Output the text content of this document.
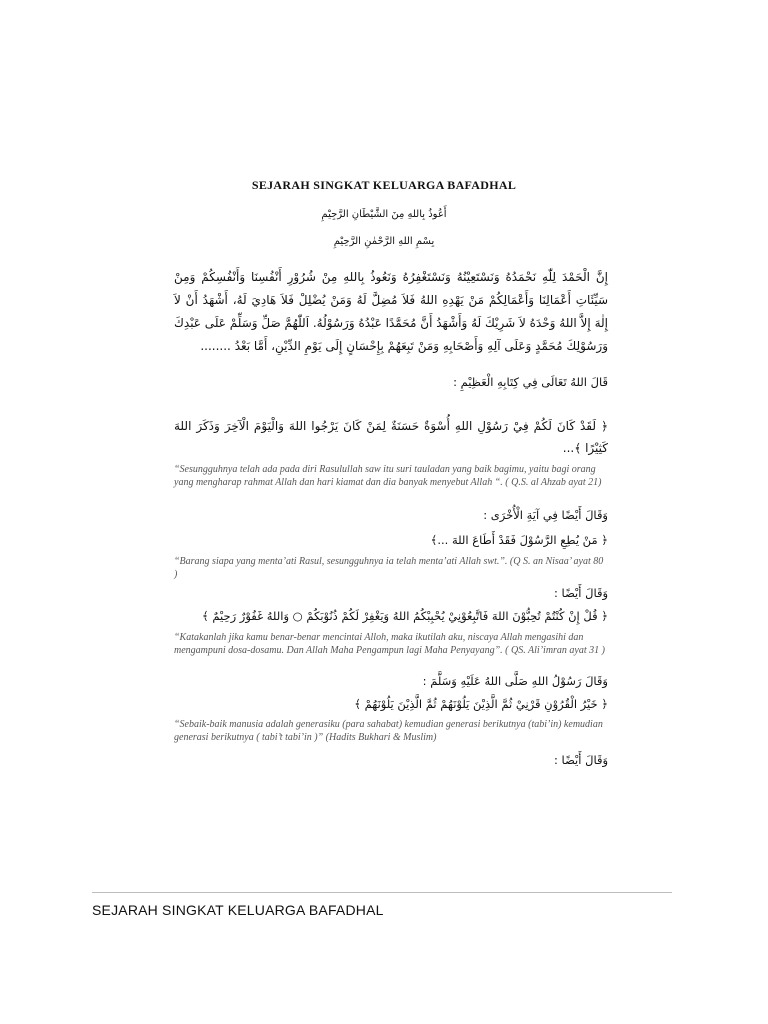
SEJARAH SINGKAT KELUARGA BAFADHAL
أَعُوذُ بِاللهِ مِنَ الشَّيْطَانِ الرَّجِيْمِ
بِسْمِ اللهِ الرَّحْمٰنِ الرَّحِيْمِ
إِنَّ الْحَمْدَ لِلّٰهِ نَحْمَدُهُ وَنَسْتَعِيْنُهُ وَنَسْتَغْفِرُهُ وَنَعُوذُ بِاللهِ مِنْ شُرُوْرِ أَنْفُسِنَا وَأَنْفُسِكُمْ وَمِنْ سَيِّئَاتِ أَعْمَالِنَا وَأَعْمَالِكُمْ مَنْ يَهْدِهِ اللهُ فَلاَ مُضِلَّ لَهُ وَمَنْ يُضْلِلْ فَلاَ هَادِيَ لَهُ، أَشْهَدُ أَنْ لاَ إِلٰهَ إِلاَّ اللهُ وَحْدَهُ لاَ شَرِيْكَ لَهُ وَأَشْهَدُ أَنَّ مُحَمَّدًا عَبْدُهُ وَرَسُوْلُهُ. اَللّٰهُمَّ صَلِّ وَسَلِّمْ عَلَى عَبْدِكَ وَرَسُوْلِكَ مُحَمَّدٍ وَعَلَى آلِهِ وَأَصْحَابِهِ وَمَنْ تَبِعَهُمْ بِإِحْسَانٍ إِلَى يَوْمِ الدِّيْنِ، أَمَّا بَعْدُ ........
قَالَ اللهُ تَعَالَى فِي كِتَابِهِ الْعَظِيْمِ :
﴿ لَقَدْ كَانَ لَكُمْ فِيْ رَسُوْلِ اللهِ أُسْوَةٌ حَسَنَةٌ لِمَنْ كَانَ يَرْجُوا اللهَ وَالْيَوْمَ الْآخِرَ وَذَكَرَ اللهَ كَثِيْرًا ﴾...
“Sesungguhnya telah ada pada diri Rasulullah saw itu suri tauladan yang baik bagimu, yaitu bagi orang yang mengharap rahmat Allah dan hari kiamat dan dia banyak menyebut Allah “. ( Q.S. al Ahzab ayat 21)
وَقَالَ أَيْضًا فِي آيَةِ الْأُخْرَى :
﴿ مَنْ يُطِعِ الرَّسُوْلَ فَقَدْ أَطَاعَ اللهَ ...﴾
“Barang siapa yang menta’ati Rasul, sesungguhnya ia telah menta’ati Allah swt.”. (Q S. an Nisaa’ ayat 80 )
وَقَالَ أَيْضًا :
﴿ قُلْ إِنْ كُنْتُمْ تُحِبُّوْنَ اللهَ فَاتَّبِعُوْنِيْ يُحْبِبْكُمُ اللهُ وَيَغْفِرْ لَكُمْ ذُنُوْبَكُمْ ○ وَاللهُ غَفُوْرٌ رَحِيْمٌ ﴾
“Katakanlah jika kamu benar-benar mencintai Alloh, maka ikutilah aku, niscaya Allah mengasihi dan mengampuni dosa-dosamu. Dan Allah Maha Pengampun lagi Maha Penyayang”. ( QS. Ali’imran ayat 31 )
وَقَالَ رَسُوْلُ اللهِ صَلَّى اللهُ عَلَيْهِ وَسَلَّمَ :
﴿ خَيْرُ الْقُرُوْنِ قَرْنِيْ ثُمَّ الَّذِيْنَ يَلُوْنَهُمْ ثُمَّ الَّذِيْنَ يَلُوْنَهُمْ ﴾
“Sebaik-baik manusia adalah generasiku (para sahabat) kemudian generasi berikutnya (tabi’in) kemudian generasi berikutnya ( tabi’t tabi’in )” (Hadits Bukhari & Muslim)
وَقَالَ أَيْضًا :
SEJARAH SINGKAT KELUARGA BAFADHAL
